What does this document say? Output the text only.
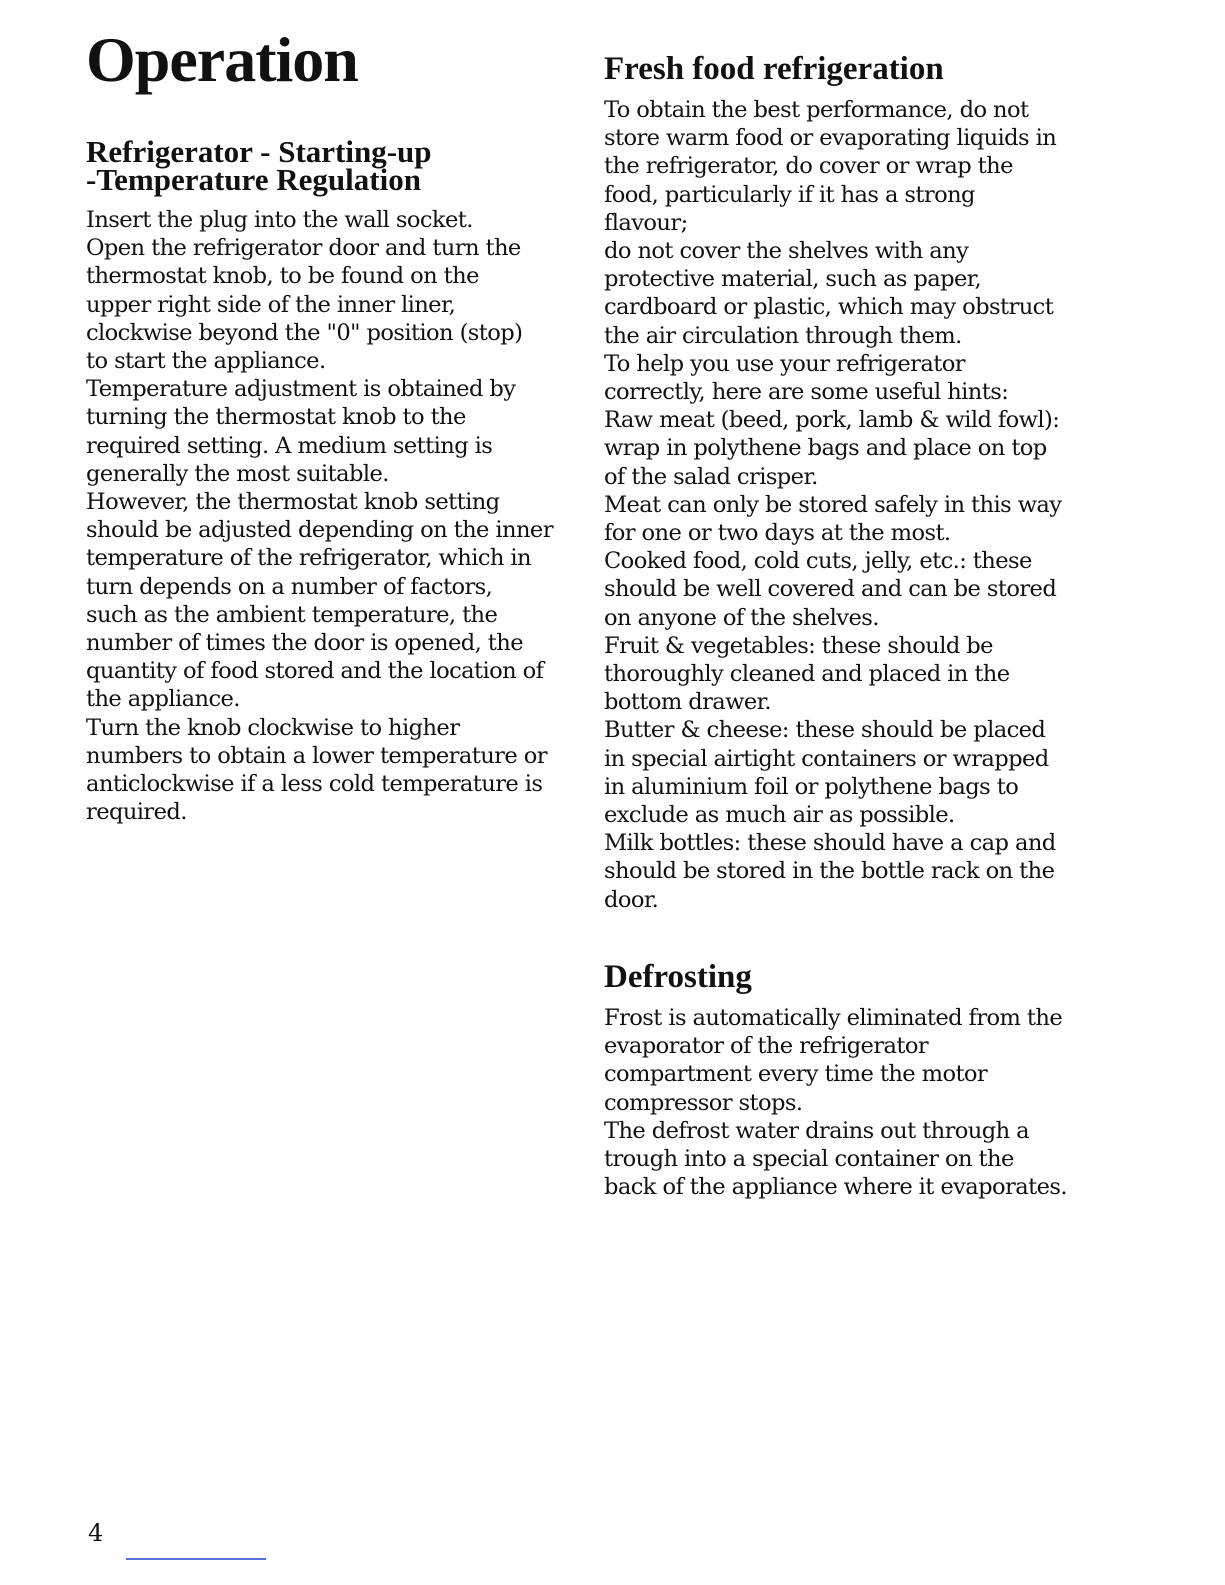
Operation
Refrigerator - Starting-up
-Temperature Regulation
Insert the plug into the wall socket.
Open the refrigerator door and turn the
thermostat knob, to be found on the
upper right side of the inner liner,
clockwise beyond the "0" position (stop)
to start the appliance.
Temperature adjustment is obtained by
turning the thermostat knob to the
required setting. A medium setting is
generally the most suitable.
However, the thermostat knob setting
should be adjusted depending on the inner
temperature of the refrigerator, which in
turn depends on a number of factors,
such as the ambient temperature, the
number of times the door is opened, the
quantity of food stored and the location of
the appliance.
Turn the knob clockwise to higher
numbers to obtain a lower temperature or
anticlockwise if a less cold temperature is
required.
Fresh food refrigeration
To obtain the best performance, do not
store warm food or evaporating liquids in
the refrigerator, do cover or wrap the
food, particularly if it has a strong
flavour;
do not cover the shelves with any
protective material, such as paper,
cardboard or plastic, which may obstruct
the air circulation through them.
To help you use your refrigerator
correctly, here are some useful hints:
Raw meat (beed, pork, lamb & wild fowl):
wrap in polythene bags and place on top
of the salad crisper.
Meat can only be stored safely in this way
for one or two days at the most.
Cooked food, cold cuts, jelly, etc.: these
should be well covered and can be stored
on anyone of the shelves.
Fruit & vegetables: these should be
thoroughly cleaned and placed in the
bottom drawer.
Butter & cheese: these should be placed
in special airtight containers or wrapped
in aluminium foil or polythene bags to
exclude as much air as possible.
Milk bottles: these should have a cap and
should be stored in the bottle rack on the
door.
Defrosting
Frost is automatically eliminated from the
evaporator of the refrigerator
compartment every time the motor
compressor stops.
The defrost water drains out through a
trough into a special container on the
back of the appliance where it evaporates.
4
